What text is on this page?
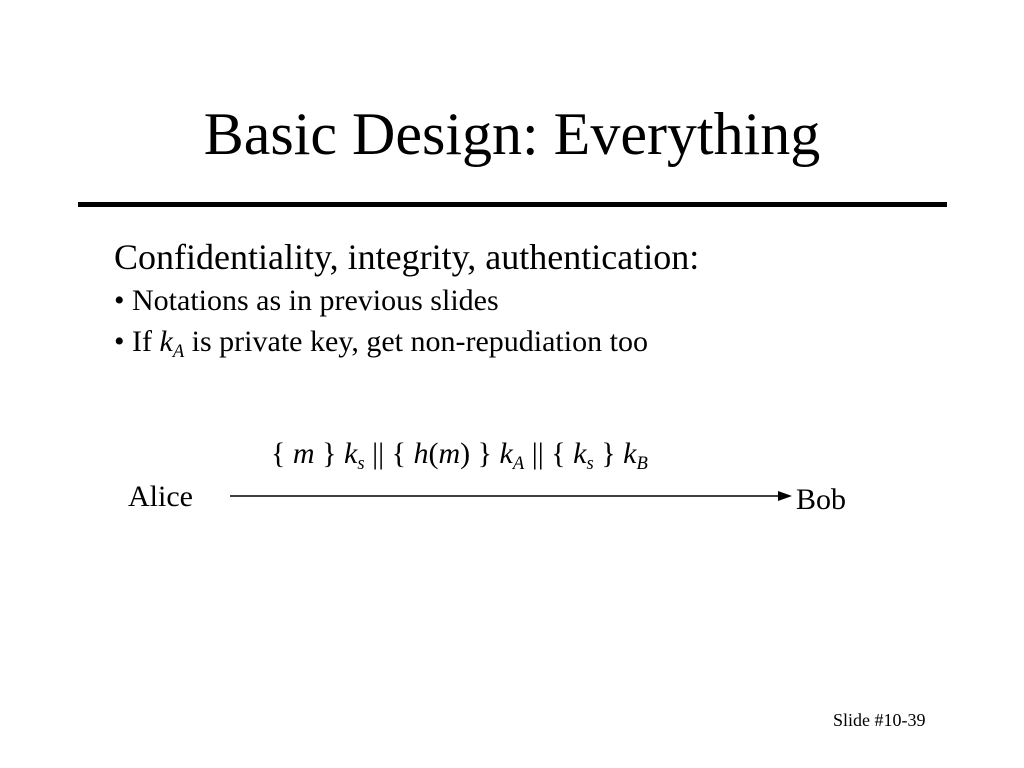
Basic Design: Everything
Confidentiality, integrity, authentication:
• Notations as in previous slides
• If $k_A$ is private key, get non-repudiation too
{ m } $k_s$ || { h(m) } $k_A$ || { $k_s$ } $k_B$
Alice	Bob
Slide #10-39
